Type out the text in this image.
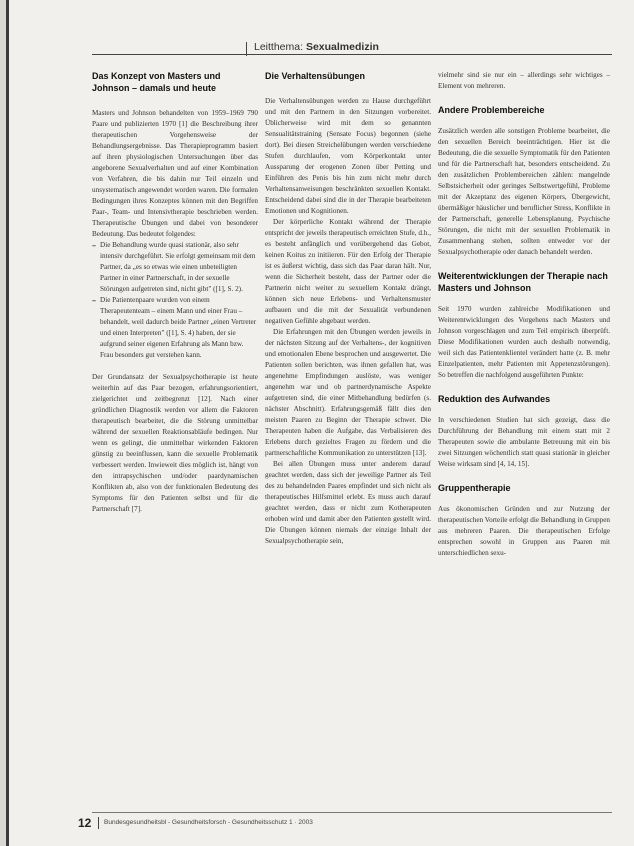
Leitthema: Sexualmedizin
Das Konzept von Masters und Johnson – damals und heute

Masters und Johnson behandelten von 1959–1969 790 Paare und publizierten 1970 [1] die Beschreibung ihrer therapeutischen Vorgehensweise der Behandlungsergebnisse. Das Therapieprogramm basiert auf ihren physiologischen Untersuchungen über das angeborene Sexualverhalten und auf einer Kombination von Verfahren, die bis dahin nur Teil einzeln und unsystematisch angewendet worden waren. Die formalen Bedingungen ihres Konzeptes können mit den Begriffen Paar-, Team- und Intensivtherapie beschrieben werden. Therapeutische Übungen und dabei von besonderer Bedeutung. Das bedeutet folgendes:

– Die Behandlung wurde quasi stationär, also sehr intensiv durchgeführt. Sie erfolgt gemeinsam mit dem Partner, da „es so etwas wie einen unbeteiligten Partner in einer Partnerschaft, in der sexuelle Störungen aufgetreten sind, nicht gibt" ([1], S. 2).
– Die Patientenpaare wurden von einem Therapeutenteam – einem Mann und einer Frau – behandelt, weil dadurch beide Partner „einen Vertreter und einen Interpreten" ([1], S. 4) haben, der sie aufgrund seiner eigenen Erfahrung als Mann bzw. Frau besonders gut verstehen kann.

Der Grundansatz der Sexualpsychotherapie ist heute weiterhin auf das Paar bezogen, erfahrungsorientiert, zielgerichtet und zeitbegrenzt [12]. Nach einer gründlichen Diagnostik werden vor allem die Faktoren therapeutisch bearbeitet, die die Störung unmittelbar während der sexuellen Reaktionsabläufe bedingen. Nur wenn es gelingt, die unmittelbar wirkenden Faktoren günstig zu beeinflussen, kann die sexuelle Problematik verbessert werden. Inwieweit dies möglich ist, hängt von den intrapsychischen und/oder paardynamischen Konflikten ab, also von der funktionalen Bedeutung des Symptoms für den Patienten selbst und für die Partnerschaft [7].

Die Verhaltensübungen

Die Verhaltensübungen werden zu Hause durchgeführt und mit den Partnern in den Sitzungen vorbereitet. Üblicherweise wird mit dem so genannten Sensualitätstraining (Sensate Focus) begonnen (siehe dort). Bei diesen Streichelübungen werden verschiedene Stufen durchlaufen, vom Körperkontakt unter Aussparung der erogenen Zonen über Petting und Einführen des Penis bis hin zum nicht mehr durch Verhaltensanweisungen beschränkten sexuellen Kontakt. Entscheidend dabei sind die in der Therapie bearbeiteten Emotionen und Kognitionen.

Der körperliche Kontakt während der Therapie entspricht der jeweils therapeutisch erreichten Stufe, d.h., es besteht anfänglich und vorübergehend das Gebot, keinen Koitus zu initiieren. Für den Erfolg der Therapie ist es äußerst wichtig, dass sich das Paar daran hält. Nur, wenn die Sicherheit besteht, dass der Partner oder die Partnerin nicht weiter zu sexuellem Kontakt drängt, können sich neue Erlebens- und Verhaltensmuster aufbauen und die mit der Sexualität verbundenen negativen Gefühle abgebaut werden.

Die Erfahrungen mit den Übungen werden jeweils in der nächsten Sitzung auf der Verhaltens-, der kognitiven und emotionalen Ebene besprochen und ausgewertet. Die Patienten sollen berichten, was ihnen gefallen hat, was angenehme Empfindungen auslöste, was weniger angenehm war und ob partnerdynamische Aspekte aufgetreten sind, die einer Mitbehandlung bedürfen (s. nächster Abschnitt). Erfahrungsgemäß fällt dies den meisten Paaren zu Beginn der Therapie schwer. Die Therapeuten haben die Aufgabe, das Verbalisieren des Erlebens durch gezieltes Fragen zu fördern und die partnerschaftliche Kommunikation zu unterstützen [13].

Bei allen Übungen muss unter anderem darauf geachtet werden, dass sich der jeweilige Partner als Teil des zu behandelnden Paares empfindet und sich nicht als therapeutisches Hilfsmittel erlebt. Es muss auch darauf geachtet werden, dass er nicht zum Kotherapeuten erhoben wird und damit aber den Patienten gestellt wird. Die Übungen können niemals der einzige Inhalt der Sexualpsychotherapie sein,

vielmehr sind sie nur ein – allerdings sehr wichtiges – Element von mehreren.

Andere Problembereiche

Zusätzlich werden alle sonstigen Probleme bearbeitet, die den sexuellen Bereich beeinträchtigen. Hier ist die Bedeutung, die die sexuelle Symptomatik für den Patienten und für die Partnerschaft hat, besonders entscheidend. Zu den zusätzlichen Problembereichen zählen: mangelnde Selbstsicherheit oder geringes Selbstwertgefühl, Probleme mit der Akzeptanz des eigenen Körpers, Übergewicht, übermäßiger häuslicher und beruflicher Stress, Konflikte in der Partnerschaft, generelle Lebensplanung. Psychische Störungen, die nicht mit der sexuellen Problematik in Zusammenhang stehen, sollten entweder vor der Sexualpsychotherapie oder danach behandelt werden.

Weiterentwicklungen der Therapie nach Masters und Johnson

Seit 1970 wurden zahlreiche Modifikationen und Weiterentwicklungen des Vorgehens nach Masters und Johnson vorgeschlagen und zum Teil empirisch überprüft. Diese Modifikationen wurden auch deshalb notwendig, weil sich das Patientenklientel verändert hatte (z. B. mehr Einzelpatienten, mehr Patienten mit Appetenzstörungen). So betreffen die nachfolgend ausgeführten Punkte:

Reduktion des Aufwandes

In verschiedenen Studien hat sich gezeigt, dass die Durchführung der Behandlung mit einem statt mit 2 Therapeuten sowie die ambulante Betreuung mit ein bis zwei Sitzungen wöchentlich statt quasi stationär in gleicher Weise wirksam sind [4, 14, 15].

Gruppentherapie

Aus ökonomischen Gründen und zur Nutzung der therapeutischen Vorteile erfolgt die Behandlung in Gruppen aus mehreren Paaren. Die therapeutischen Erfolge entsprechen sowohl in Gruppen aus Paaren mit unterschiedlichen sexu-

12 Bundesgesundheitsbl - Gesundheitsforsch - Gesundheitsschutz 1 · 2003
